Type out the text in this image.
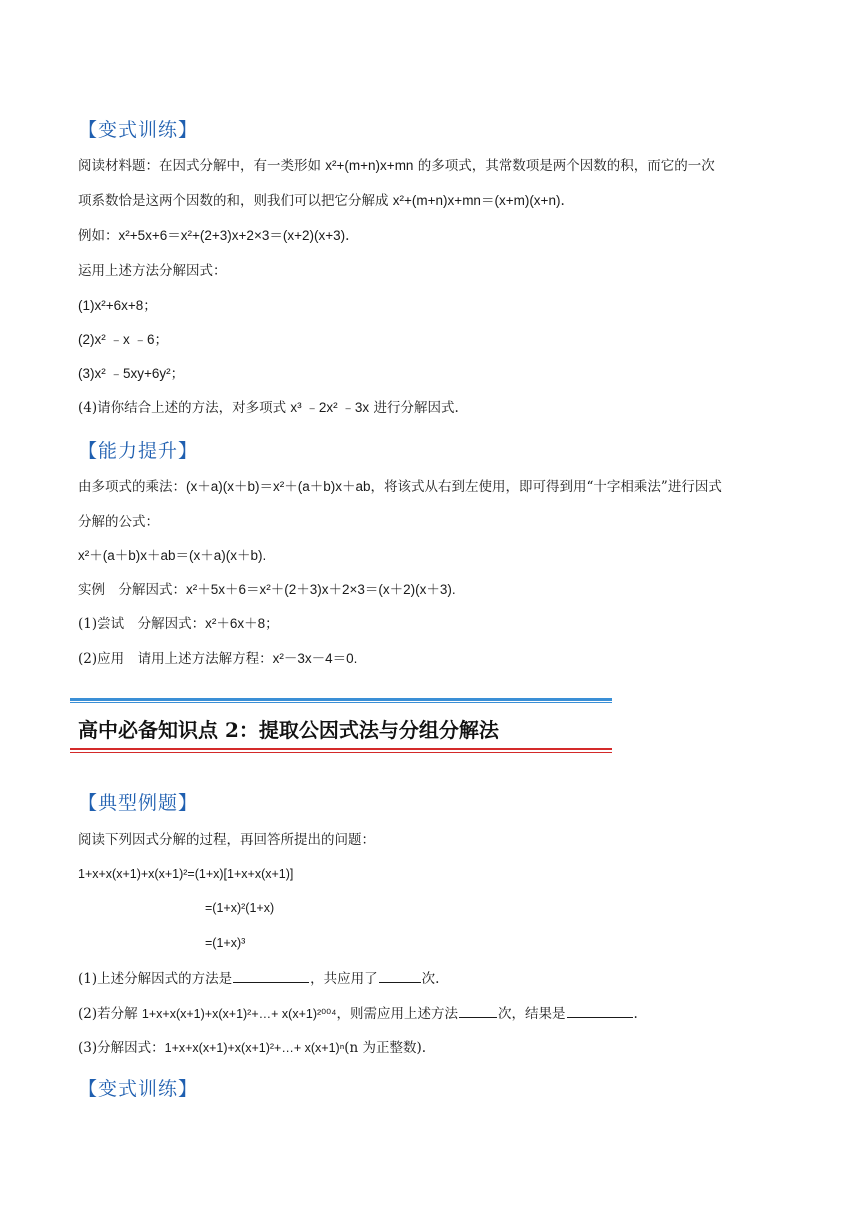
【变式训练】
阅读材料题：在因式分解中，有一类形如 x²+(m+n)x+mn 的多项式，其常数项是两个因数的积，而它的一次
项系数恰是这两个因数的和，则我们可以把它分解成 x²+(m+n)x+mn＝(x+m)(x+n).
例如：x²+5x+6＝x²+(2+3)x+2×3＝(x+2)(x+3).
运用上述方法分解因式：
(1)x²+6x+8；
(2)x² ﹣x ﹣6；
(3)x² ﹣5xy+6y²；
(4)请你结合上述的方法，对多项式 x³ ﹣2x² ﹣3x 进行分解因式.
【能力提升】
由多项式的乘法：(x＋a)(x＋b)＝x²＋(a＋b)x＋ab，将该式从右到左使用，即可得到用“十字相乘法”进行因式
分解的公式：
x²＋(a＋b)x＋ab＝(x＋a)(x＋b).
实例　分解因式：x²＋5x＋6＝x²＋(2＋3)x＋2×3＝(x＋2)(x＋3).
(1)尝试　分解因式：x²＋6x＋8；
(2)应用　请用上述方法解方程：x²－3x－4＝0.
高中必备知识点 2：提取公因式法与分组分解法
【典型例题】
阅读下列因式分解的过程，再回答所提出的问题：
1+x+x(x+1)+x(x+1)²=(1+x)[1+x+x(x+1)]
=(1+x)²(1+x)
=(1+x)³
(1)上述分解因式的方法是	，共应用了	次.
(2)若分解 1+x+x(x+1)+x(x+1)²+…+ x(x+1)²⁰⁰⁴，则需应用上述方法	次，结果是	.
(3)分解因式：1+x+x(x+1)+x(x+1)²+…+ x(x+1)ⁿ(n 为正整数).
【变式训练】
